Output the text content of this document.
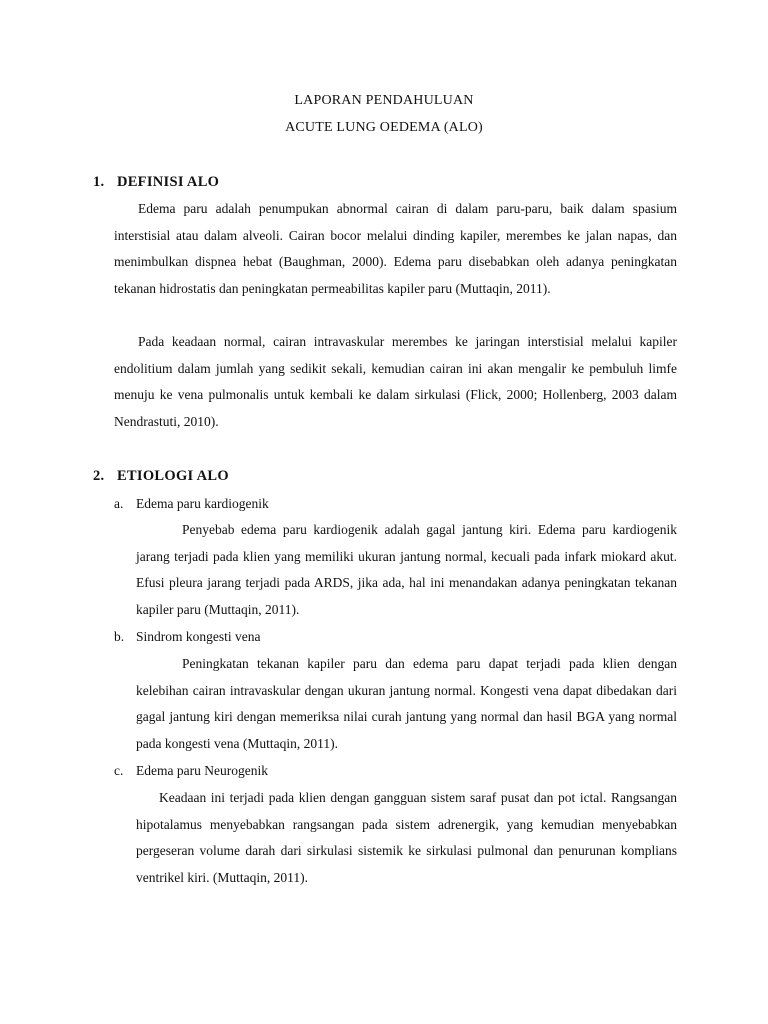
LAPORAN PENDAHULUAN
ACUTE LUNG OEDEMA (ALO)
1. DEFINISI ALO

Edema paru adalah penumpukan abnormal cairan di dalam paru-paru, baik dalam spasium interstisial atau dalam alveoli. Cairan bocor melalui dinding kapiler, merembes ke jalan napas, dan menimbulkan dispnea hebat (Baughman, 2000). Edema paru disebabkan oleh adanya peningkatan tekanan hidrostatis dan peningkatan permeabilitas kapiler paru (Muttaqin, 2011).

Pada keadaan normal, cairan intravaskular merembes ke jaringan interstisial melalui kapiler endolitium dalam jumlah yang sedikit sekali, kemudian cairan ini akan mengalir ke pembuluh limfe menuju ke vena pulmonalis untuk kembali ke dalam sirkulasi (Flick, 2000; Hollenberg, 2003 dalam Nendrastuti, 2010).

2. ETIOLOGI ALO
a. Edema paru kardiogenik

Penyebab edema paru kardiogenik adalah gagal jantung kiri. Edema paru kardiogenik jarang terjadi pada klien yang memiliki ukuran jantung normal, kecuali pada infark miokard akut. Efusi pleura jarang terjadi pada ARDS, jika ada, hal ini menandakan adanya peningkatan tekanan kapiler paru (Muttaqin, 2011).

b. Sindrom kongesti vena

Peningkatan tekanan kapiler paru dan edema paru dapat terjadi pada klien dengan kelebihan cairan intravaskular dengan ukuran jantung normal. Kongesti vena dapat dibedakan dari gagal jantung kiri dengan memeriksa nilai curah jantung yang normal dan hasil BGA yang normal pada kongesti vena (Muttaqin, 2011).

c. Edema paru Neurogenik

Keadaan ini terjadi pada klien dengan gangguan sistem saraf pusat dan pot ictal. Rangsangan hipotalamus menyebabkan rangsangan pada sistem adrenergik, yang kemudian menyebabkan pergeseran volume darah dari sirkulasi sistemik ke sirkulasi pulmonal dan penurunan komplians ventrikel kiri. (Muttaqin, 2011).
